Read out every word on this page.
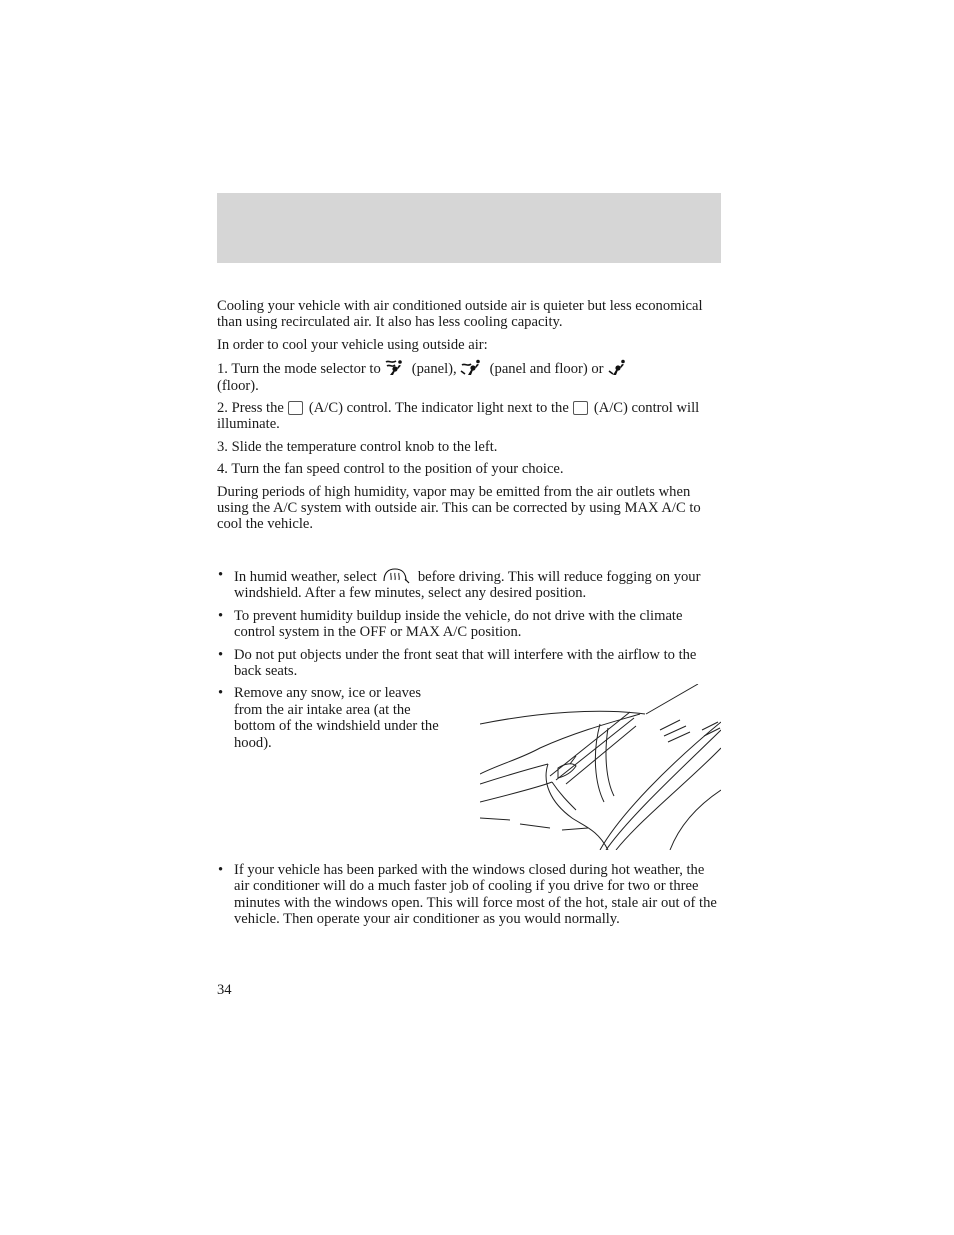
Cooling your vehicle with air conditioned outside air is quieter but less economical than using recirculated air. It also has less cooling capacity.

In order to cool your vehicle using outside air:

1. Turn the mode selector to (panel), (panel and floor) or

(floor).

2. Press the (A/C) control. The indicator light next to the (A/C) control will illuminate.

3. Slide the temperature control knob to the left.

4. Turn the fan speed control to the position of your choice.

During periods of high humidity, vapor may be emitted from the air outlets when using the A/C system with outside air. This can be corrected by using MAX A/C to cool the vehicle.

• In humid weather, select	before driving. This will reduce fogging on your windshield. After a few minutes, select any desired position.
• To prevent humidity buildup inside the vehicle, do not drive with the climate control system in the OFF or MAX A/C position.
• Do not put objects under the front seat that will interfere with the airflow to the back seats.
• Remove any snow, ice or leaves from the air intake area (at the bottom of the windshield under the hood).
• If your vehicle has been parked with the windows closed during hot weather, the air conditioner will do a much faster job of cooling if you drive for two or three minutes with the windows open. This will force most of the hot, stale air out of the vehicle. Then operate your air conditioner as you would normally.
34
